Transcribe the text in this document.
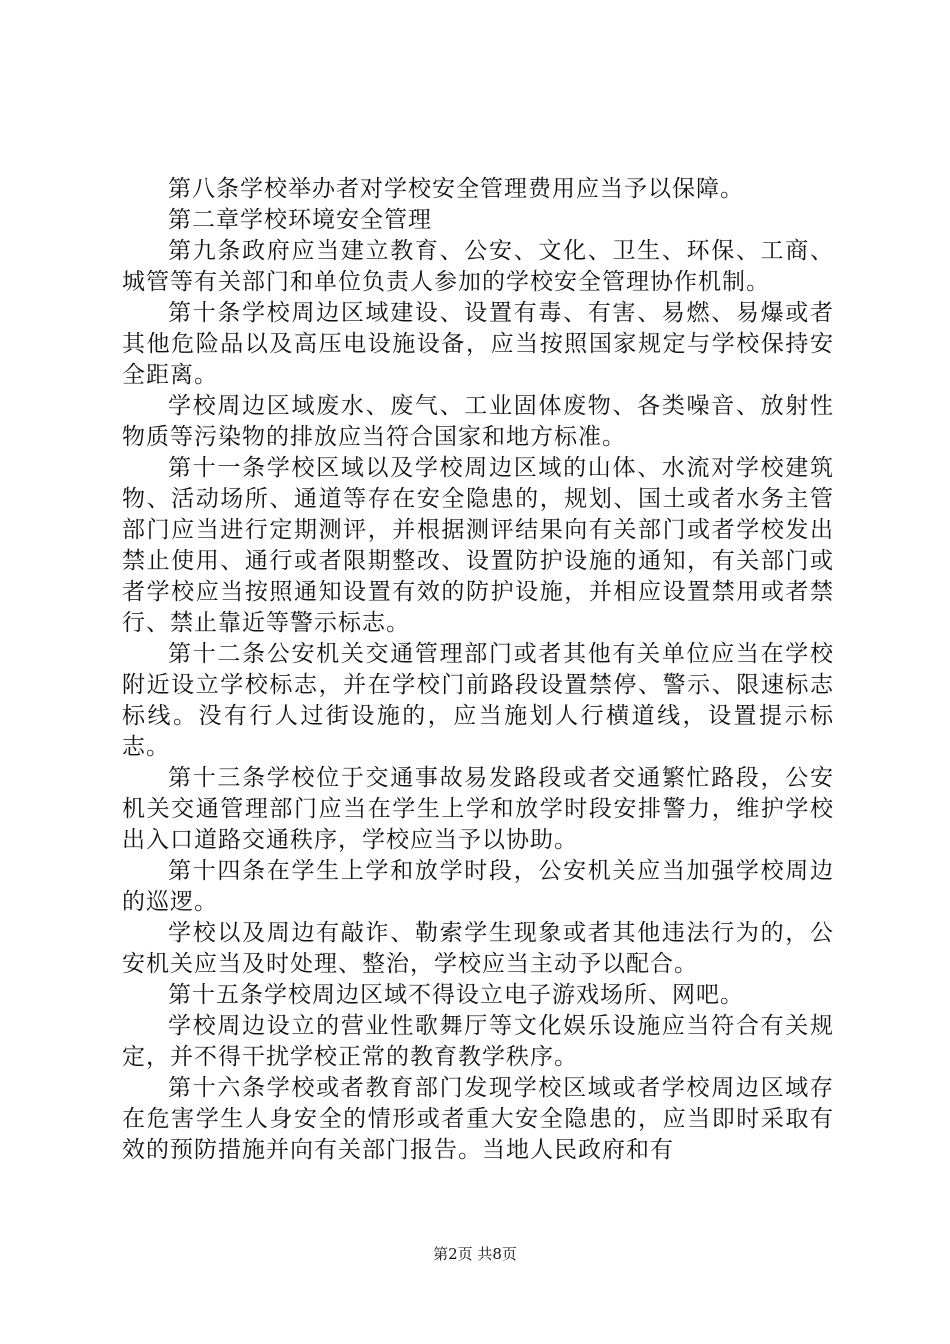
第八条学校举办者对学校安全管理费用应当予以保障。

第二章学校环境安全管理

第九条政府应当建立教育、公安、文化、卫生、环保、工商、城管等有关部门和单位负责人参加的学校安全管理协作机制。

第十条学校周边区域建设、设置有毒、有害、易燃、易爆或者其他危险品以及高压电设施设备，应当按照国家规定与学校保持安全距离。

学校周边区域废水、废气、工业固体废物、各类噪音、放射性物质等污染物的排放应当符合国家和地方标准。

第十一条学校区域以及学校周边区域的山体、水流对学校建筑物、活动场所、通道等存在安全隐患的，规划、国土或者水务主管部门应当进行定期测评，并根据测评结果向有关部门或者学校发出禁止使用、通行或者限期整改、设置防护设施的通知，有关部门或者学校应当按照通知设置有效的防护设施，并相应设置禁用或者禁行、禁止靠近等警示标志。

第十二条公安机关交通管理部门或者其他有关单位应当在学校附近设立学校标志，并在学校门前路段设置禁停、警示、限速标志标线。没有行人过街设施的，应当施划人行横道线，设置提示标志。

第十三条学校位于交通事故易发路段或者交通繁忙路段，公安机关交通管理部门应当在学生上学和放学时段安排警力，维护学校出入口道路交通秩序，学校应当予以协助。

第十四条在学生上学和放学时段，公安机关应当加强学校周边的巡逻。

学校以及周边有敲诈、勒索学生现象或者其他违法行为的，公安机关应当及时处理、整治，学校应当主动予以配合。

第十五条学校周边区域不得设立电子游戏场所、网吧。

学校周边设立的营业性歌舞厅等文化娱乐设施应当符合有关规定，并不得干扰学校正常的教育教学秩序。

第十六条学校或者教育部门发现学校区域或者学校周边区域存在危害学生人身安全的情形或者重大安全隐患的，应当即时采取有效的预防措施并向有关部门报告。当地人民政府和有

第2页 共8页
